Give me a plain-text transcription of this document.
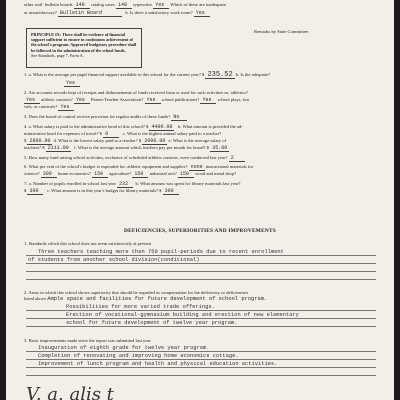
other staff bulletin boards 140 catalog cases 140 typewriter Yes Which of these are inadequate
or unsatisfactory? Bulletin Board	b. Is there a satisfactory work room? Yes
PRINCIPLE IX: There shall be evidence of financial support sufficient to ensure in continuous achievement of the school's program. Approved budgetary procedure shall be followed in the administration of the school funds.
See Standards, page 7, Form A.
Remarks by State Committee:
1. a. What is the average per pupil financial support available to this school for the current year? $ 235.52 b. Is the adequate?
Yes
2. Are accounts records kept of receipts and disbursements of funds received from or used for such activities as: athletics?
Yes athletic contests? Yes Parent-Teacher Association? Yes school publications? Yes school plays, fun
vals, or carnivals? Yes
3. Does the board of control receive provision for regular audits of these funds? No
4. a. What salary is paid to the administrative head of this school? $ 4400.00 b. What amount is provided the ad-
ministrative head for expenses of travel? $ 0	c. What is the highest annual salary paid to a teacher?
$ 2800.00 d. What is the lowest salary paid to a teacher? $ 2000.00 e. What is the average salary of
teachers? $ 2111.00 f. What is the average amount which teachers pay per month for board? $ 35.00
5. How many fund raising school activities, exclusive of scheduled athletic contests, were conducted last year? 2
6. What per cent of the school's budget is expended for: athletic equipment and supplies? none instructional materials for
science? 300 home economics? 150 agriculture? 150 industrial arts? 150 wood and metal shop?
7. a. Number of pupils enrolled in school last year 232 b. What amount was spent for library materials last year?
$ 300 c. What amount is in this year's budget for library materials? $ 300
DEFICIENCIES, SUPERIORITIES AND IMPROVEMENTS
1. Standards which this school does not seem satisfactorily at present
Three teachers teaching more than 750 pupil-periods due to recent enrollment
of students from another school division(conditional)
2. Areas in which this school shows superiority that should be regarded as compensation for the deficiency or deficiencies
listed above Ample space and facilities for future development of school program.
Possibilities for more varied trade offerings.
Erection of vocational-gymnasium building and erection of new elementary
school for future development of twelve year program.
3. Basic improvements made since the report was submitted last year
Inauguration of eighth grade for twelve year program.
Completion of renovating and improving home economics cottage.
Improvement of lunch program and health and physical education activities.
V. a. alis t
